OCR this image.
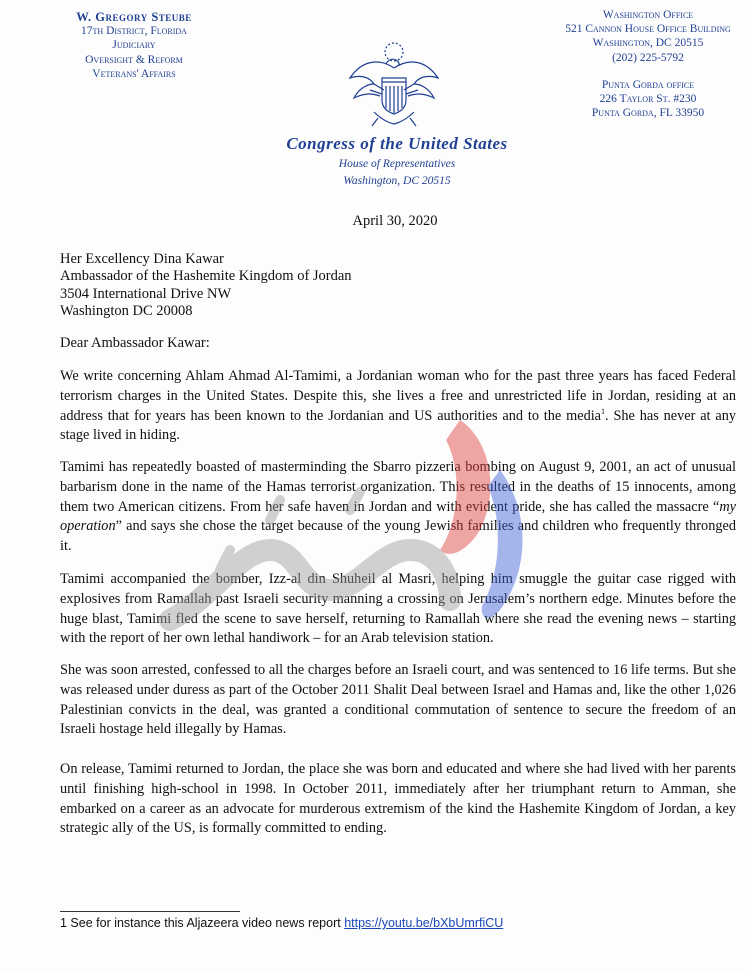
W. Gregory Steube
17th District, Florida
Judiciary
Oversight & Reform
Veterans' Affairs
Washington Office
521 Cannon House Office Building
Washington, DC 20515
(202) 225-5792
Punta Gorda office
226 Taylor St. #230
Punta Gorda, FL 33950
Congress of the United States
House of Representatives
Washington, DC 20515
April 30, 2020
Her Excellency Dina Kawar
Ambassador of the Hashemite Kingdom of Jordan
3504 International Drive NW
Washington DC 20008
Dear Ambassador Kawar:
We write concerning Ahlam Ahmad Al-Tamimi, a Jordanian woman who for the past three years has faced Federal terrorism charges in the United States. Despite this, she lives a free and unrestricted life in Jordan, residing at an address that for years has been known to the Jordanian and US authorities and to the media$^1$. She has never at any stage lived in hiding.
Tamimi has repeatedly boasted of masterminding the Sbarro pizzeria bombing on August 9, 2001, an act of unusual barbarism done in the name of the Hamas terrorist organization. This resulted in the deaths of 15 innocents, among them two American citizens. From her safe haven in Jordan and with evident pride, she has called the massacre “my operation” and says she chose the target because of the young Jewish families and children who frequently thronged it.
Tamimi accompanied the bomber, Izz-al din Shuheil al Masri, helping him smuggle the guitar case rigged with explosives from Ramallah past Israeli security manning a crossing on Jerusalem’s northern edge. Minutes before the huge blast, Tamimi fled the scene to save herself, returning to Ramallah where she read the evening news – starting with the report of her own lethal handiwork – for an Arab television station.
She was soon arrested, confessed to all the charges before an Israeli court, and was sentenced to 16 life terms. But she was released under duress as part of the October 2011 Shalit Deal between Israel and Hamas and, like the other 1,026 Palestinian convicts in the deal, was granted a conditional commutation of sentence to secure the freedom of an Israeli hostage held illegally by Hamas.
On release, Tamimi returned to Jordan, the place she was born and educated and where she had lived with her parents until finishing high-school in 1998. In October 2011, immediately after her triumphant return to Amman, she embarked on a career as an advocate for murderous extremism of the kind the Hashemite Kingdom of Jordan, a key strategic ally of the US, is formally committed to ending.
1 See for instance this Aljazeera video news report https://youtu.be/bXbUmrfiCU
